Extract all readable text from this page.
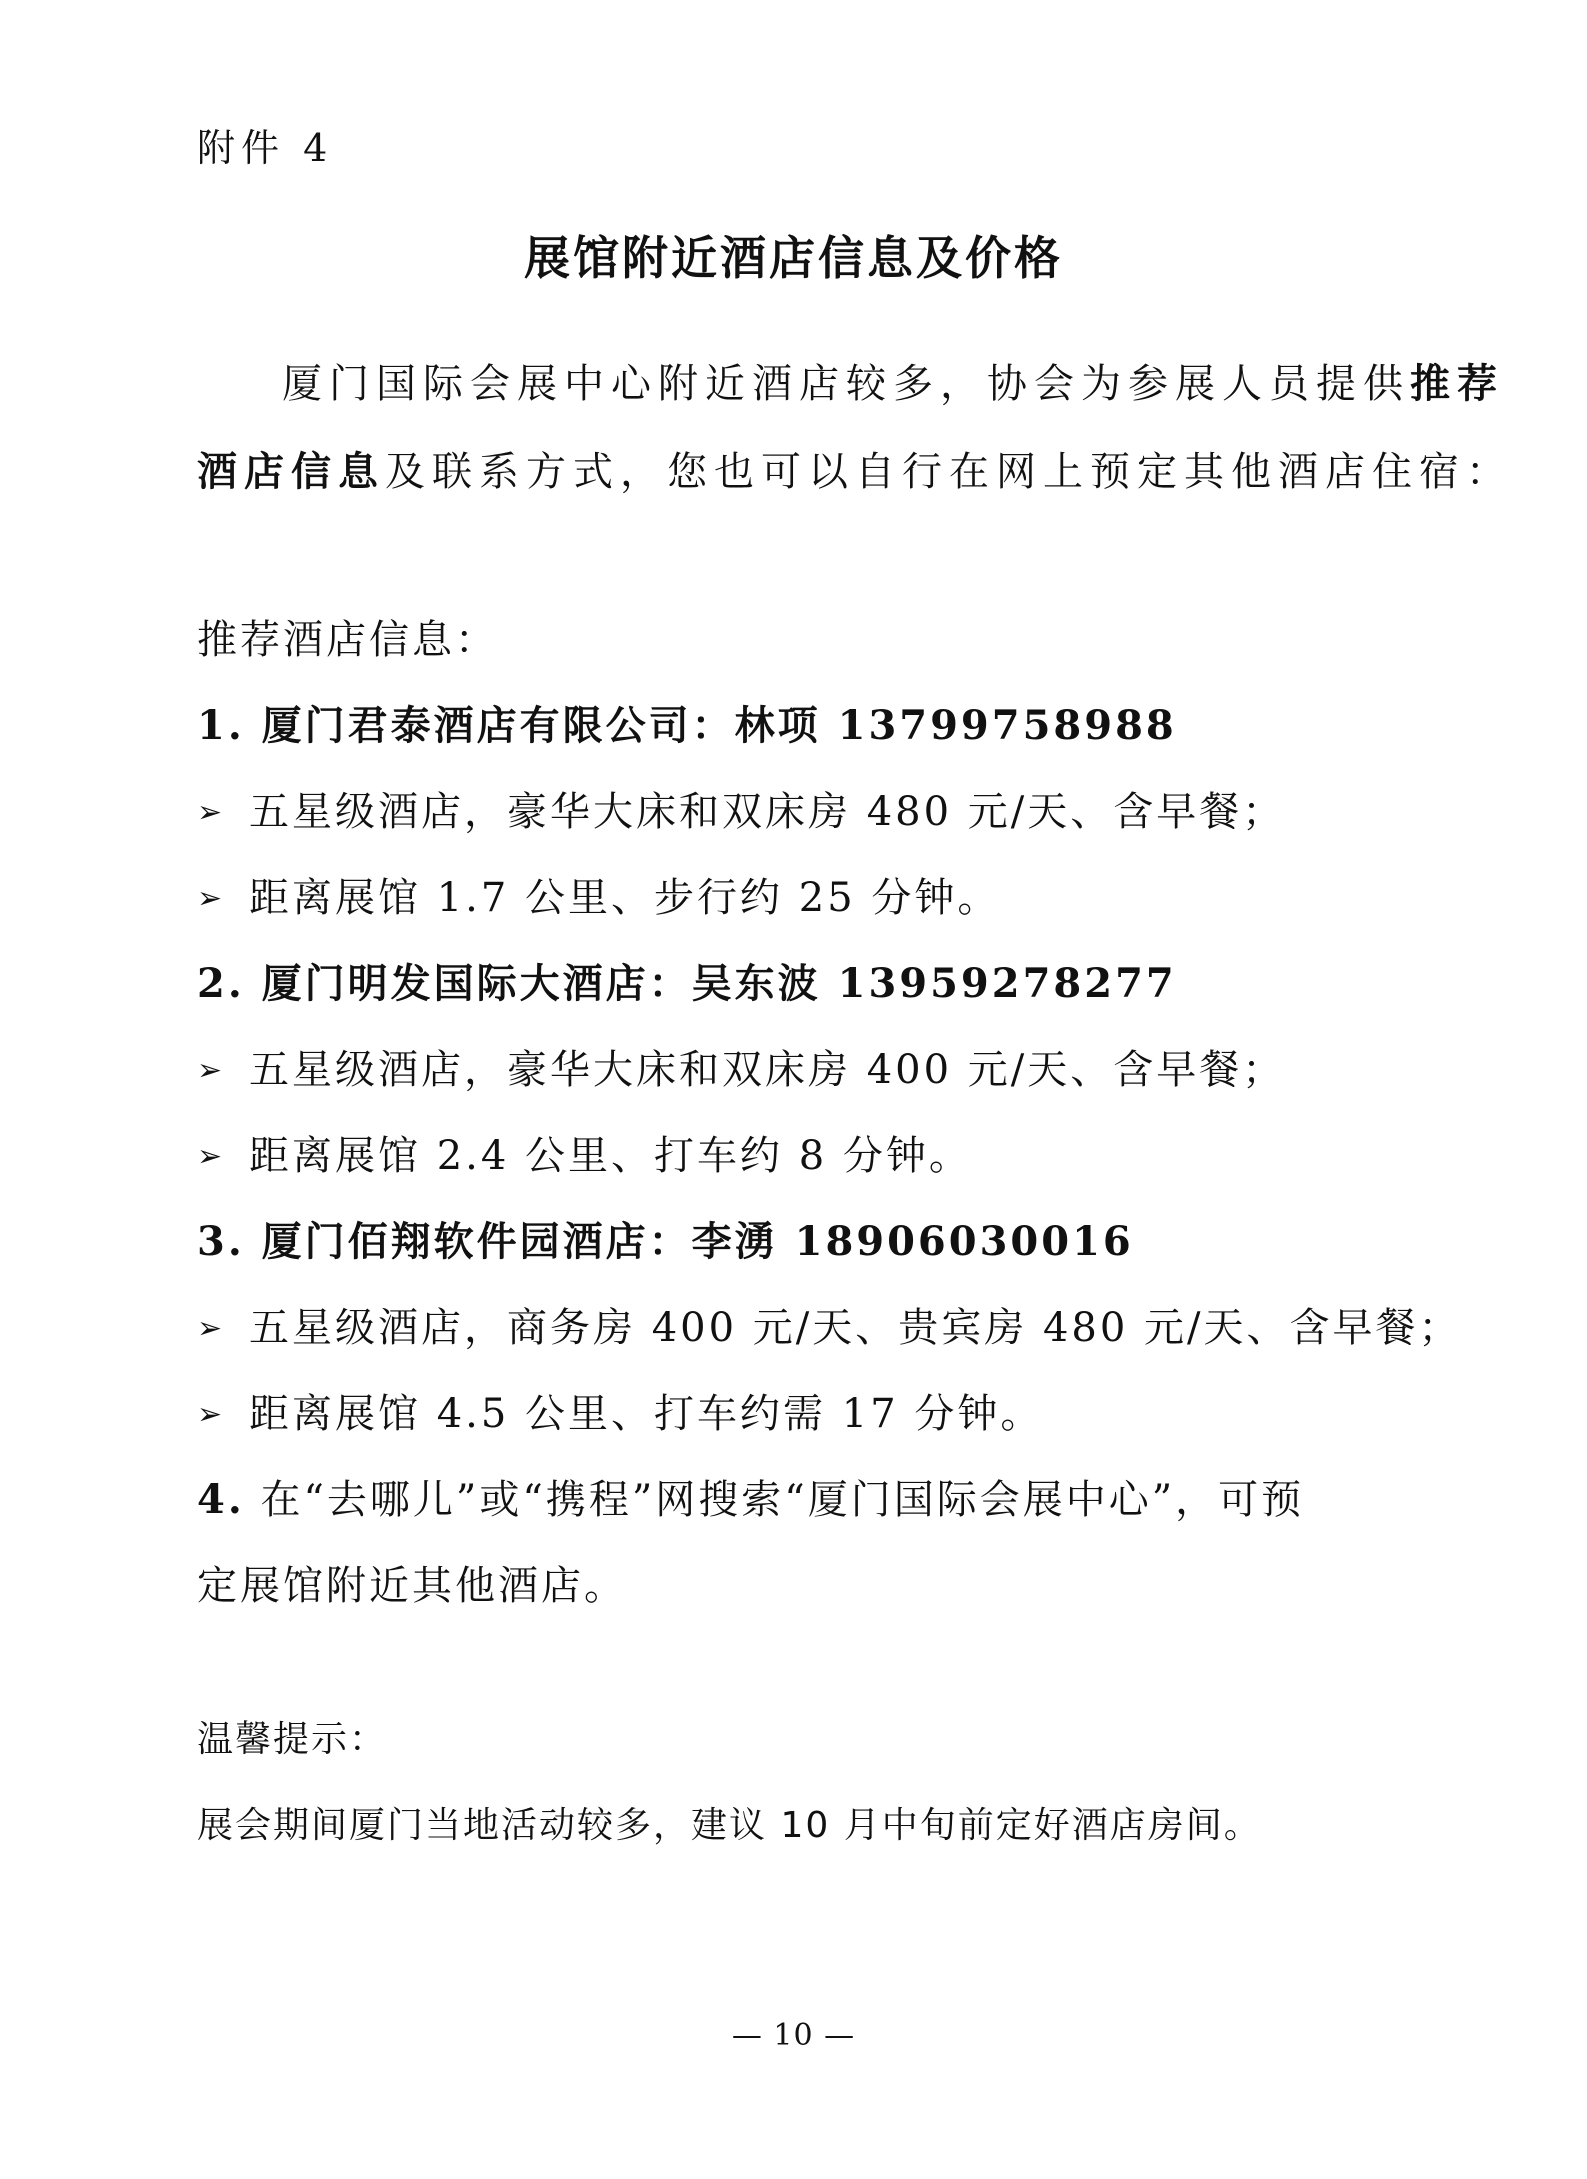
附件 4
展馆附近酒店信息及价格
厦门国际会展中心附近酒店较多，协会为参展人员提供推荐
酒店信息及联系方式，您也可以自行在网上预定其他酒店住宿：
推荐酒店信息：
1. 厦门君泰酒店有限公司：林项 13799758988
➢ 五星级酒店，豪华大床和双床房 480 元/天、含早餐；
➢ 距离展馆 1.7 公里、步行约 25 分钟。
2. 厦门明发国际大酒店：吴东波 13959278277
➢ 五星级酒店，豪华大床和双床房 400 元/天、含早餐；
➢ 距离展馆 2.4 公里、打车约 8 分钟。
3. 厦门佰翔软件园酒店：李湧 18906030016
➢ 五星级酒店，商务房 400 元/天、贵宾房 480 元/天、含早餐；
➢ 距离展馆 4.5 公里、打车约需 17 分钟。
4. 在“去哪儿”或“携程”网搜索“厦门国际会展中心”，可预
定展馆附近其他酒店。
温馨提示：
展会期间厦门当地活动较多，建议 10 月中旬前定好酒店房间。
— 10 —
